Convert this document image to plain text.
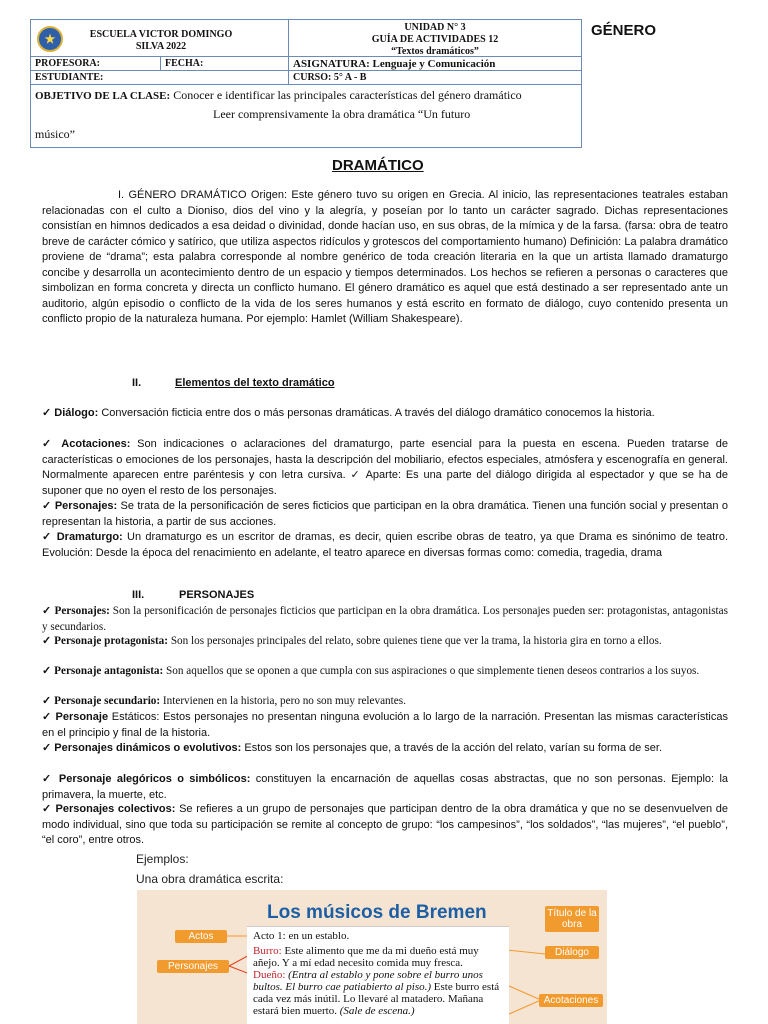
★	ESCUELA VICTOR DOMINGO
SILVA 2022
UNIDAD N° 3
GUÍA DE ACTIVIDADES 12
“Textos dramáticos”
PROFESORA:	FECHA:	ASIGNATURA: Lenguaje y Comunicación
ESTUDIANTE:	CURSO: 5° A - B
OBJETIVO DE LA CLASE: Conocer e identificar las principales características del género dramático
Leer comprensivamente la obra dramática “Un futuro
músico”
GÉNERO
DRAMÁTICO
I. GÉNERO DRAMÁTICO Origen: Este género tuvo su origen en Grecia. Al inicio, las representaciones teatrales estaban relacionadas con el culto a Dioniso, dios del vino y la alegría, y poseían por lo tanto un carácter sagrado. Dichas representaciones consistían en himnos dedicados a esa deidad o divinidad, donde hacían uso, en sus obras, de la mímica y de la farsa. (farsa: obra de teatro breve de carácter cómico y satírico, que utiliza aspectos ridículos y grotescos del comportamiento humano) Definición: La palabra dramático proviene de “drama”; esta palabra corresponde al nombre genérico de toda creación literaria en la que un artista llamado dramaturgo concibe y desarrolla un acontecimiento dentro de un espacio y tiempos determinados. Los hechos se refieren a personas o caracteres que simbolizan en forma concreta y directa un conflicto humano. El género dramático es aquel que está destinado a ser representado ante un auditorio, algún episodio o conflicto de la vida de los seres humanos y está escrito en formato de diálogo, cuyo contenido presenta un conflicto propio de la naturaleza humana. Por ejemplo: Hamlet (William Shakespeare).
II.	Elementos del texto dramático
✓ Diálogo: Conversación ficticia entre dos o más personas dramáticas. A través del diálogo dramático conocemos la historia.
✓ Acotaciones: Son indicaciones o aclaraciones del dramaturgo, parte esencial para la puesta en escena. Pueden tratarse de características o emociones de los personajes, hasta la descripción del mobiliario, efectos especiales, atmósfera y escenografía en general. Normalmente aparecen entre paréntesis y con letra cursiva. ✓ Aparte: Es una parte del diálogo dirigida al espectador y que se ha de suponer que no oyen el resto de los personajes.
✓ Personajes: Se trata de la personificación de seres ficticios que participan en la obra dramática. Tienen una función social y presentan o representan la historia, a partir de sus acciones.
✓ Dramaturgo: Un dramaturgo es un escritor de dramas, es decir, quien escribe obras de teatro, ya que Drama es sinónimo de teatro. Evolución: Desde la época del renacimiento en adelante, el teatro aparece en diversas formas como: comedia, tragedia, drama
III.	PERSONAJES
✓ Personajes: Son la personificación de personajes ficticios que participan en la obra dramática. Los personajes pueden ser: protagonistas, antagonistas y secundarios.
✓ Personaje protagonista: Son los personajes principales del relato, sobre quienes tiene que ver la trama, la historia gira en torno a ellos.
✓ Personaje antagonista: Son aquellos que se oponen a que cumpla con sus aspiraciones o que simplemente tienen deseos contrarios a los suyos.
✓ Personaje secundario: Intervienen en la historia, pero no son muy relevantes.
✓ Personaje Estáticos: Estos personajes no presentan ninguna evolución a lo largo de la narración. Presentan las mismas características en el principio y final de la historia.
✓ Personajes dinámicos o evolutivos: Estos son los personajes que, a través de la acción del relato, varían su forma de ser.
✓ Personaje alegóricos o simbólicos: constituyen la encarnación de aquellas cosas abstractas, que no son personas. Ejemplo: la primavera, la muerte, etc.
✓ Personajes colectivos: Se refieres a un grupo de personajes que participan dentro de la obra dramática y que no se desenvuelven de modo individual, sino que toda su participación se remite al concepto de grupo: “los campesinos”, “los soldados”, “las mujeres”, “el pueblo”, “el coro”, entre otros.
Ejemplos:
Una obra dramática escrita:
Los músicos de Bremen	Título de la obra
Actos
Personajes
Diálogo
Acotaciones
Acto 1: en un establo.
Burro: Este alimento que me da mi dueño está muy añejo. Y a mí edad necesito comida muy fresca.
Dueño: (Entra al establo y pone sobre el burro unos bultos. El burro cae patiabierto al piso.) Este burro está cada vez más inútil. Lo llevaré al matadero. Mañana estará bien muerto. (Sale de escena.)
